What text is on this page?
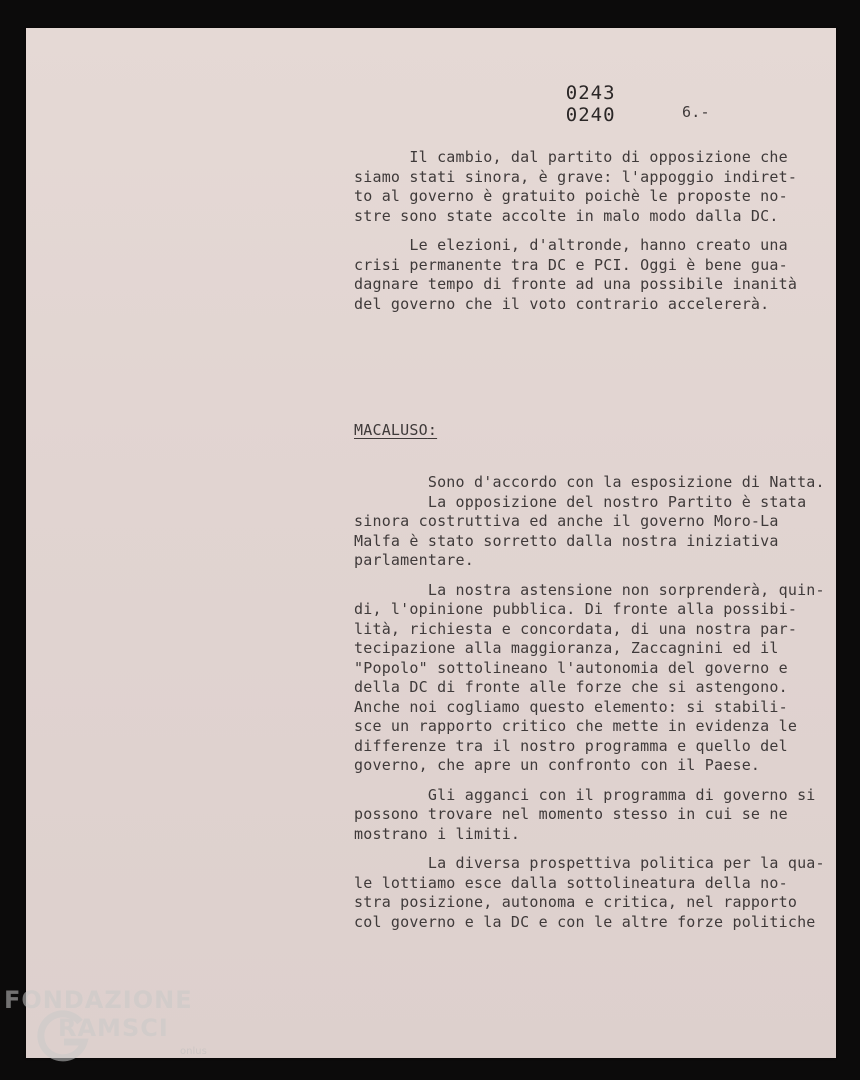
0243
0240
	6.-

Il cambio, dal partito di opposizione che
siamo stati sinora, è grave: l'appoggio indiret-
to al governo è gratuito poichè le proposte no-
stre sono state accolte in malo modo dalla DC.

Le elezioni, d'altronde, hanno creato una
crisi permanente tra DC e PCI. Oggi è bene gua-
dagnare tempo di fronte ad una possibile inanità
del governo che il voto contrario accelererà.

MACALUSO:

Sono d'accordo con la esposizione di Natta.
La opposizione del nostro Partito è stata
sinora costruttiva ed anche il governo Moro-La
Malfa è stato sorretto dalla nostra iniziativa
parlamentare.

La nostra astensione non sorprenderà, quin-
di, l'opinione pubblica. Di fronte alla possibi-
lità, richiesta e concordata, di una nostra par-
tecipazione alla maggioranza, Zaccagnini ed il
"Popolo" sottolineano l'autonomia del governo e
della DC di fronte alle forze che si astengono.
Anche noi cogliamo questo elemento: si stabili-
sce un rapporto critico che mette in evidenza le
differenze tra il nostro programma e quello del
governo, che apre un confronto con il Paese.

Gli agganci con il programma di governo si
possono trovare nel momento stesso in cui se ne
mostrano i limiti.

La diversa prospettiva politica per la qua-
le lottiamo esce dalla sottolineatura della no-
stra posizione, autonoma e critica, nel rapporto
col governo e la DC e con le altre forze politiche

FONDAZIONE
RAMSCI
onlus
